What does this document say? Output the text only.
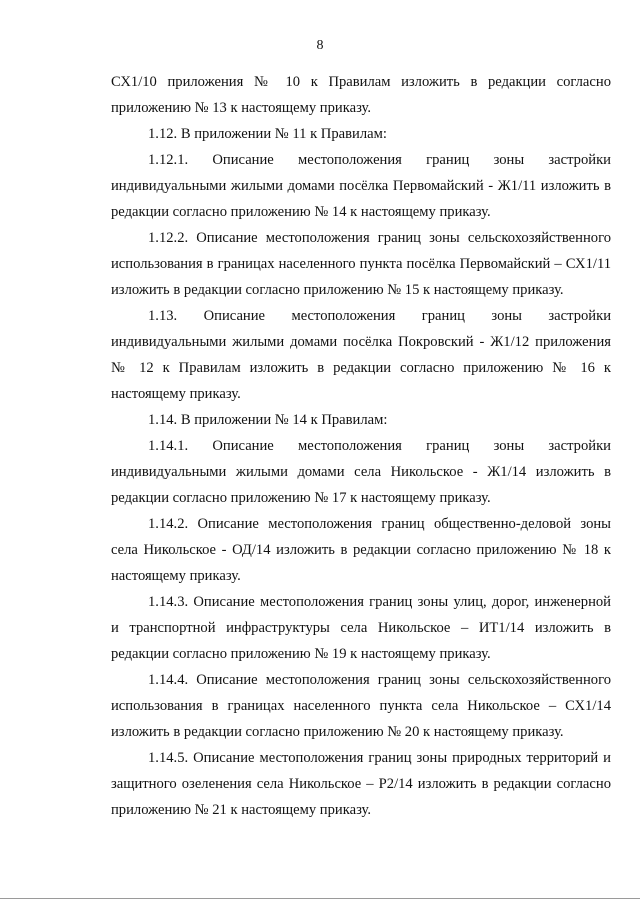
8

СХ1/10 приложения № 10 к Правилам изложить в редакции согласно приложению № 13 к настоящему приказу.

1.12. В приложении № 11 к Правилам:

1.12.1. Описание местоположения границ зоны застройки индивидуальными жилыми домами посёлка Первомайский - Ж1/11 изложить в редакции согласно приложению № 14 к настоящему приказу.

1.12.2. Описание местоположения границ зоны сельскохозяйственного использования в границах населенного пункта посёлка Первомайский – СХ1/11 изложить в редакции согласно приложению № 15 к настоящему приказу.

1.13. Описание местоположения границ зоны застройки индивидуальными жилыми домами посёлка Покровский - Ж1/12 приложения № 12 к Правилам изложить в редакции согласно приложению № 16 к настоящему приказу.

1.14. В приложении № 14 к Правилам:

1.14.1. Описание местоположения границ зоны застройки индивидуальными жилыми домами села Никольское - Ж1/14 изложить в редакции согласно приложению № 17 к настоящему приказу.

1.14.2. Описание местоположения границ общественно-деловой зоны села Никольское - ОД/14 изложить в редакции согласно приложению № 18 к настоящему приказу.

1.14.3. Описание местоположения границ зоны улиц, дорог, инженерной и транспортной инфраструктуры села Никольское – ИТ1/14 изложить в редакции согласно приложению № 19 к настоящему приказу.

1.14.4. Описание местоположения границ зоны сельскохозяйственного использования в границах населенного пункта села Никольское – СХ1/14 изложить в редакции согласно приложению № 20 к настоящему приказу.

1.14.5. Описание местоположения границ зоны природных территорий и защитного озеленения села Никольское – Р2/14 изложить в редакции согласно приложению № 21 к настоящему приказу.
